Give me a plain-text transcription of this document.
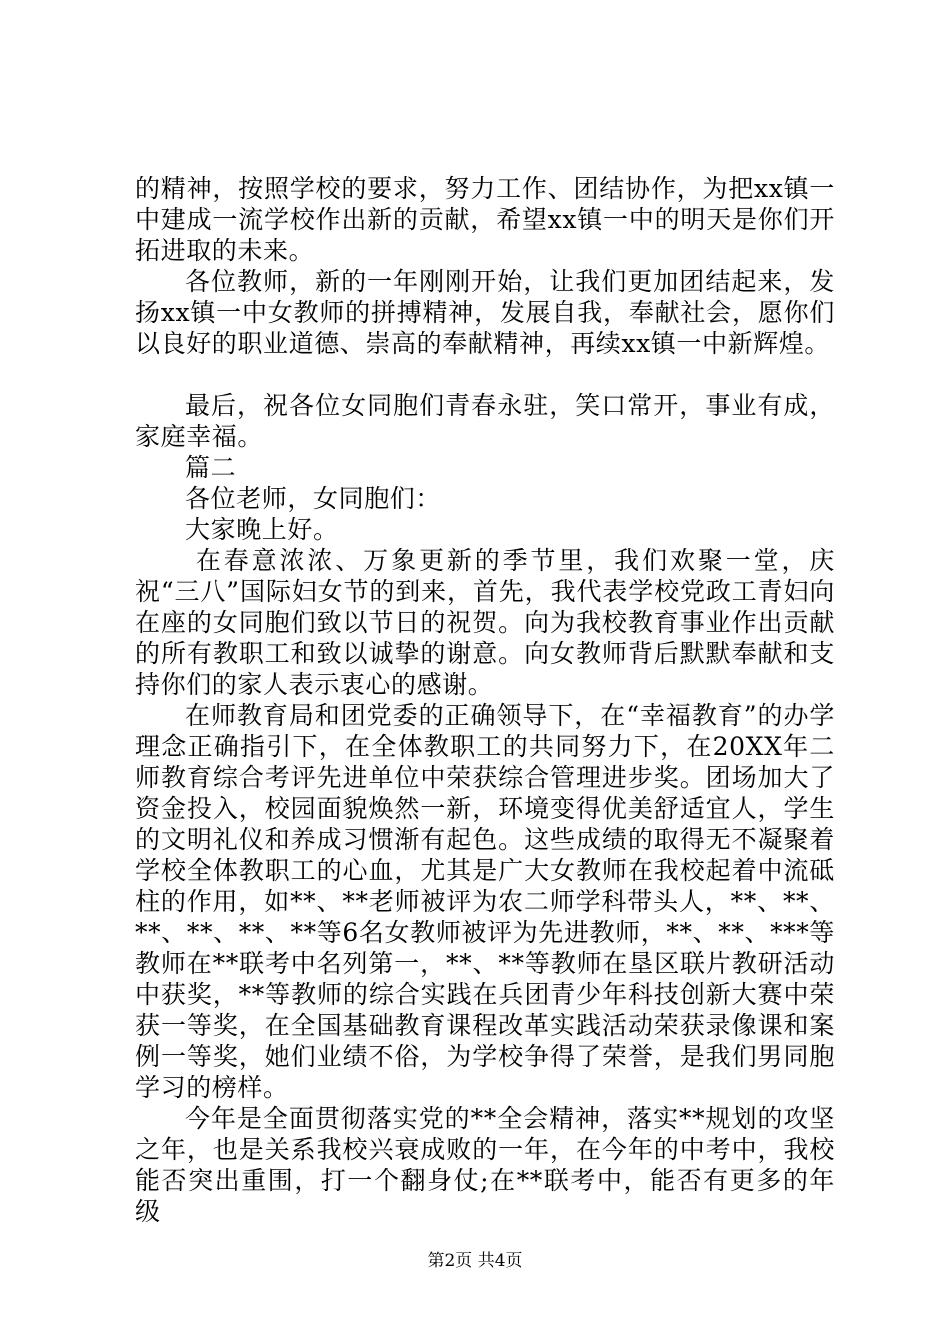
的精神，按照学校的要求，努力工作、团结协作，为把xx镇一中建成一流学校作出新的贡献，希望xx镇一中的明天是你们开拓进取的未来。

各位教师，新的一年刚刚开始，让我们更加团结起来，发扬xx镇一中女教师的拼搏精神，发展自我，奉献社会，愿你们以良好的职业道德、崇高的奉献精神，再续xx镇一中新辉煌。

最后，祝各位女同胞们青春永驻，笑口常开，事业有成，家庭幸福。

篇二

各位老师，女同胞们：

大家晚上好。

在春意浓浓、万象更新的季节里，我们欢聚一堂，庆祝“三八”国际妇女节的到来，首先，我代表学校党政工青妇向在座的女同胞们致以节日的祝贺。向为我校教育事业作出贡献的所有教职工和致以诚挚的谢意。向女教师背后默默奉献和支持你们的家人表示衷心的感谢。

在师教育局和团党委的正确领导下，在“幸福教育”的办学理念正确指引下，在全体教职工的共同努力下，在20XX年二师教育综合考评先进单位中荣获综合管理进步奖。团场加大了资金投入，校园面貌焕然一新，环境变得优美舒适宜人，学生的文明礼仪和养成习惯渐有起色。这些成绩的取得无不凝聚着学校全体教职工的心血，尤其是广大女教师在我校起着中流砥柱的作用，如**、**老师被评为农二师学科带头人，**、**、**、**、**、**等6名女教师被评为先进教师，**、**、***等教师在**联考中名列第一，**、**等教师在垦区联片教研活动中获奖，**等教师的综合实践在兵团青少年科技创新大赛中荣获一等奖，在全国基础教育课程改革实践活动荣获录像课和案例一等奖，她们业绩不俗，为学校争得了荣誉，是我们男同胞学习的榜样。

今年是全面贯彻落实党的**全会精神，落实**规划的攻坚之年，也是关系我校兴衰成败的一年，在今年的中考中，我校能否突出重围，打一个翻身仗;在**联考中，能否有更多的年级

第2页 共4页
